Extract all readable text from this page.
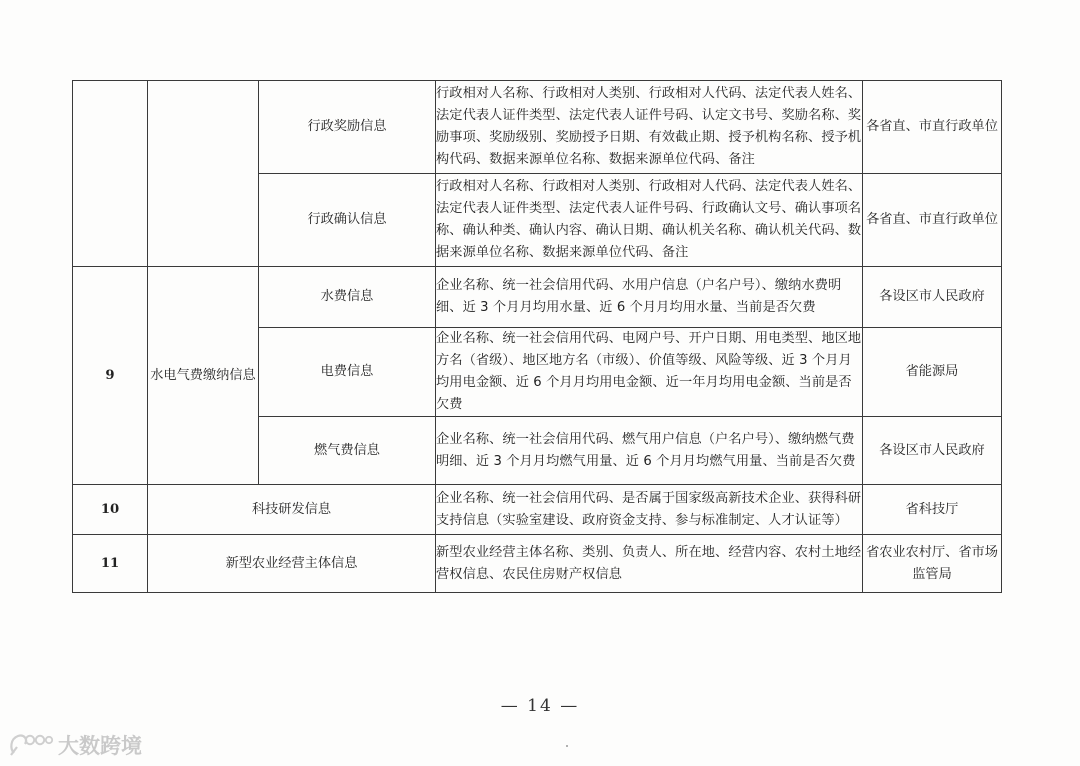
		行政奖励信息	行政相对人名称、行政相对人类别、行政相对人代码、法定代表人姓名、法定代表人证件类型、法定代表人证件号码、认定文书号、奖励名称、奖励事项、奖励级别、奖励授予日期、有效截止期、授予机构名称、授予机构代码、数据来源单位名称、数据来源单位代码、备注	各省直、市直行政单位
		行政确认信息	行政相对人名称、行政相对人类别、行政相对人代码、法定代表人姓名、法定代表人证件类型、法定代表人证件号码、行政确认文号、确认事项名称、确认种类、确认内容、确认日期、确认机关名称、确认机关代码、数据来源单位名称、数据来源单位代码、备注	各省直、市直行政单位
9	水电气费缴纳信息	水费信息	企业名称、统一社会信用代码、水用户信息（户名户号）、缴纳水费明细、近 3 个月月均用水量、近 6 个月月均用水量、当前是否欠费	各设区市人民政府
		电费信息	企业名称、统一社会信用代码、电网户号、开户日期、用电类型、地区地方名（省级）、地区地方名（市级）、价值等级、风险等级、近 3 个月月均用电金额、近 6 个月月均用电金额、近一年月均用电金额、当前是否欠费	省能源局
		燃气费信息	企业名称、统一社会信用代码、燃气用户信息（户名户号）、缴纳燃气费明细、近 3 个月月均燃气用量、近 6 个月月均燃气用量、当前是否欠费	各设区市人民政府
10	科技研发信息		企业名称、统一社会信用代码、是否属于国家级高新技术企业、获得科研支持信息（实验室建设、政府资金支持、参与标准制定、人才认证等）	省科技厅
11	新型农业经营主体信息		新型农业经营主体名称、类别、负责人、所在地、经营内容、农村土地经营权信息、农民住房财产权信息	省农业农村厅、省市场监管局
— 14 —
大数跨境
